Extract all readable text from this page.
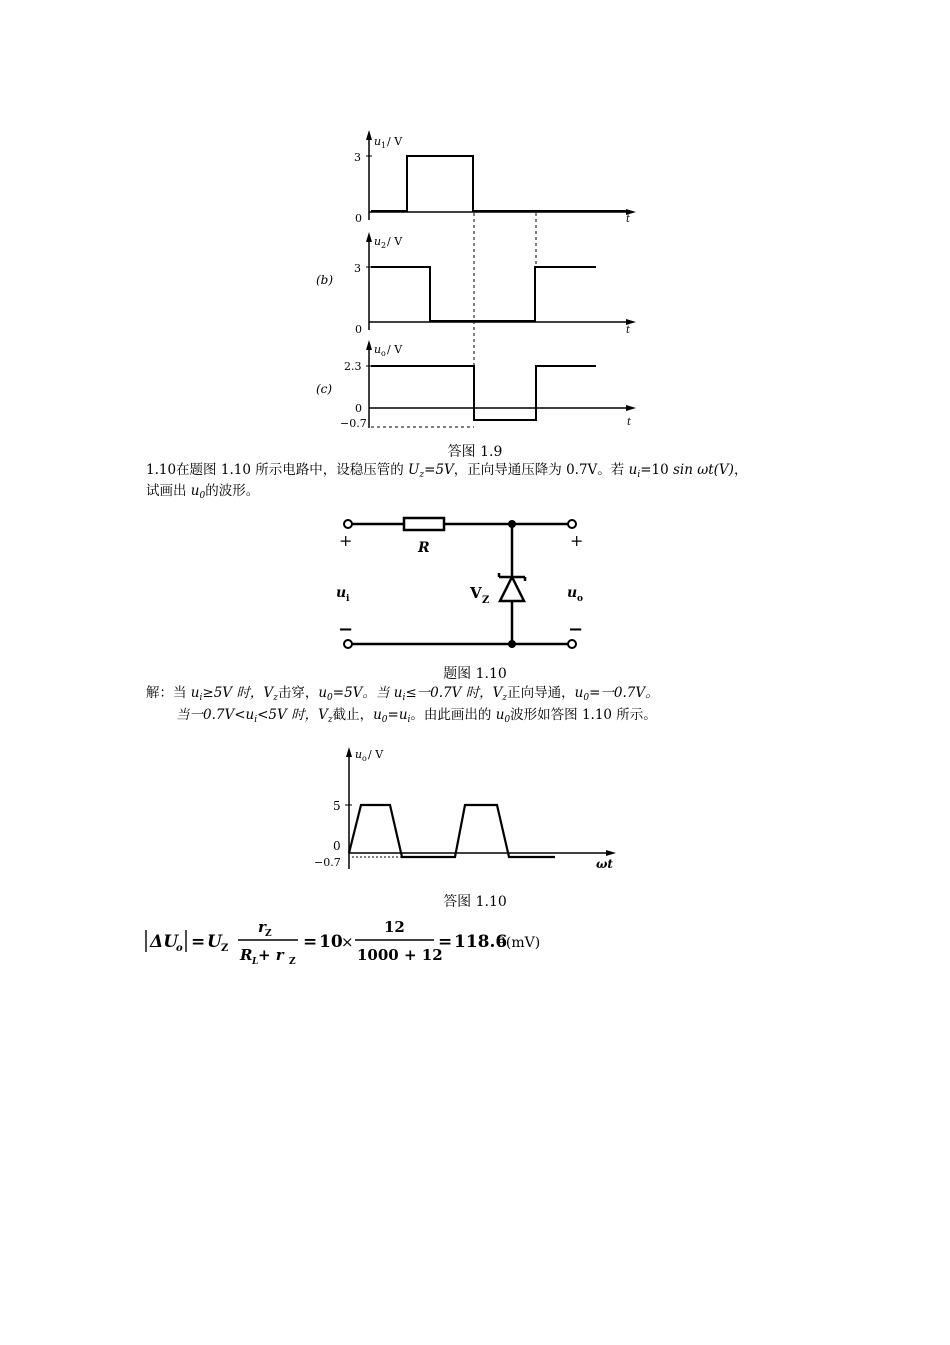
u 1 / V
3
0	t
u 2 / V
3
0	t
(b)
u o / V
2.3
0
−0.7	t
(c)
答图 1.9
1.10在题图 1.10 所示电路中，设稳压管的 $U_z=5V$，正向导通压降为 0.7V。若 $u_i=10$ sin ωt(V)，
试画出 $u_0$的波形。
R
+	+
−	−
u i	V Z	u o
题图 1.10
解：当 $u_i\ge 5V$ 时，$V_z$击穿，$u_0=5V$。当 $u_i\le$一0.7V 时，$V_z$正向导通，$u_0=$一0.7V。
当一$0.7V<u_i<5V$ 时，$V_z$截止，$u_0=u_i$。由此画出的 $u_0$波形如答图 1.10 所示。
u o / V
5
0
−0.7	ωt
答图 1.10
ΔU
o = U Z
r Z
R L + r Z
= 10
×
12
1000 + 12
= 118.6
9(mV)
